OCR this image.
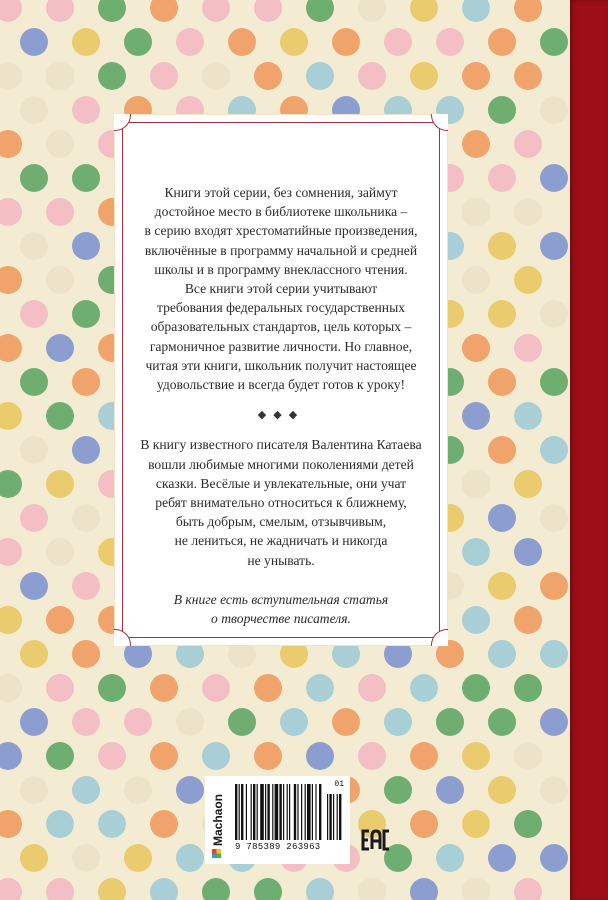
Книги этой серии, без сомнения, займут
достойное место в библиотеке школьника –
в серию входят хрестоматийные произведения,
включённые в программу начальной и средней
школы и в программу внеклассного чтения.
Все книги этой серии учитывают
требования федеральных государственных
образовательных стандартов, цель которых –
гармоничное развитие личности. Но главное,
читая эти книги, школьник получит настоящее
удовольствие и всегда будет готов к уроку!
◆◆◆
В книгу известного писателя Валентина Катаева
вошли любимые многими поколениями детей
сказки. Весёлые и увлекательные, они учат
ребят внимательно относиться к ближнему,
быть добрым, смелым, отзывчивым,
не лениться, не жадничать и никогда
не унывать.
В книге есть вступительная статья
о творчестве писателя.
Machaon
01
9 785389 263963
